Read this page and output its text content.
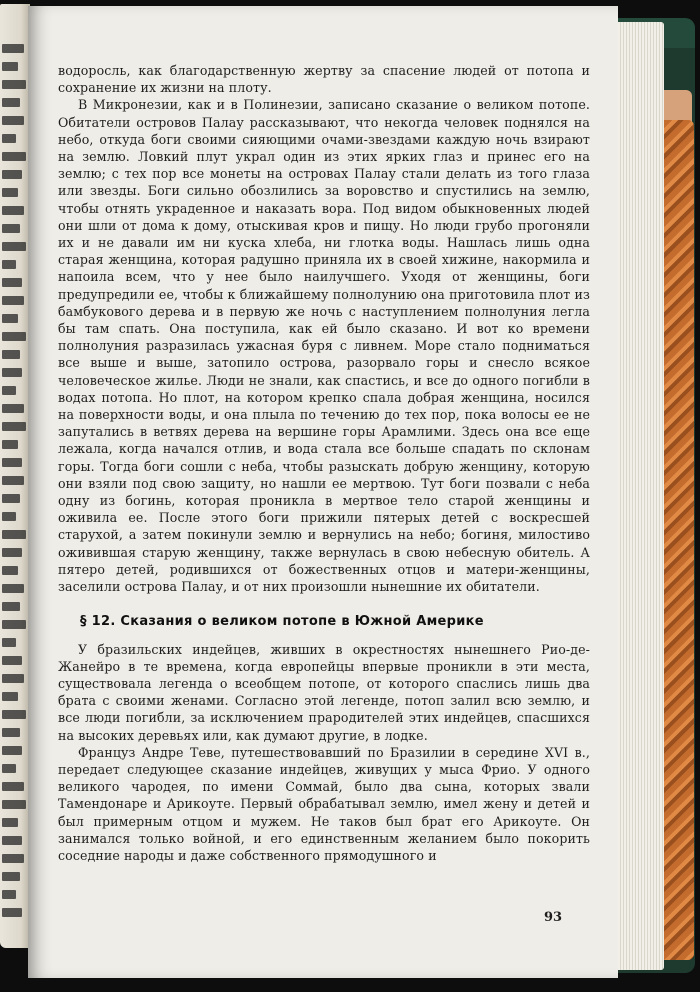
водоросль, как благодарственную жертву за спасение людей от потопа и сохранение их жизни на плоту.

В Микронезии, как и в Полинезии, записано сказание о великом потопе. Обитатели островов Палау рассказывают, что некогда человек поднялся на небо, откуда боги своими сияющими очами-звездами каждую ночь взирают на землю. Ловкий плут украл один из этих ярких глаз и принес его на землю; с тех пор все монеты на островах Палау стали делать из того глаза или звезды. Боги сильно обозлились за воровство и спустились на землю, чтобы отнять украденное и наказать вора. Под видом обыкновенных людей они шли от дома к дому, отыскивая кров и пищу. Но люди грубо прогоняли их и не давали им ни куска хлеба, ни глотка воды. Нашлась лишь одна старая женщина, которая радушно приняла их в своей хижине, накормила и напоила всем, что у нее было наилучшего. Уходя от женщины, боги предупредили ее, чтобы к ближайшему полнолунию она приготовила плот из бамбукового дерева и в первую же ночь с наступлением полнолуния легла бы там спать. Она поступила, как ей было сказано. И вот ко времени полнолуния разразилась ужасная буря с ливнем. Море стало подниматься все выше и выше, затопило острова, разорвало горы и снесло всякое человеческое жилье. Люди не знали, как спастись, и все до одного погибли в водах потопа. Но плот, на котором крепко спала добрая женщина, носился на поверхности воды, и она плыла по течению до тех пор, пока волосы ее не запутались в ветвях дерева на вершине горы Арамлими. Здесь она все еще лежала, когда начался отлив, и вода стала все больше спадать по склонам горы. Тогда боги сошли с неба, чтобы разыскать добрую женщину, которую они взяли под свою защиту, но нашли ее мертвою. Тут боги позвали с неба одну из богинь, которая проникла в мертвое тело старой женщины и оживила ее. После этого боги прижили пятерых детей с воскресшей старухой, а затем покинули землю и вернулись на небо; богиня, милостиво оживившая старую женщину, также вернулась в свою небесную обитель. А пятеро детей, родившихся от божественных отцов и матери-женщины, заселили острова Палау, и от них произошли нынешние их обитатели.

§ 12. Сказания о великом потопе в Южной Америке

У бразильских индейцев, живших в окрестностях нынешнего Рио-де-Жанейро в те времена, когда европейцы впервые проникли в эти места, существовала легенда о всеобщем потопе, от которого спаслись лишь два брата с своими женами. Согласно этой легенде, потоп залил всю землю, и все люди погибли, за исключением прародителей этих индейцев, спасшихся на высоких деревьях или, как думают другие, в лодке.

Француз Андре Теве, путешествовавший по Бразилии в середине XVI в., передает следующее сказание индейцев, живущих у мыса Фрио. У одного великого чародея, по имени Соммай, было два сына, которых звали Тамендонаре и Арикоуте. Первый обрабатывал землю, имел жену и детей и был примерным отцом и мужем. Не таков был брат его Арикоуте. Он занимался только войной, и его единственным желанием было покорить соседние народы и даже собственного прямодушного и

93
